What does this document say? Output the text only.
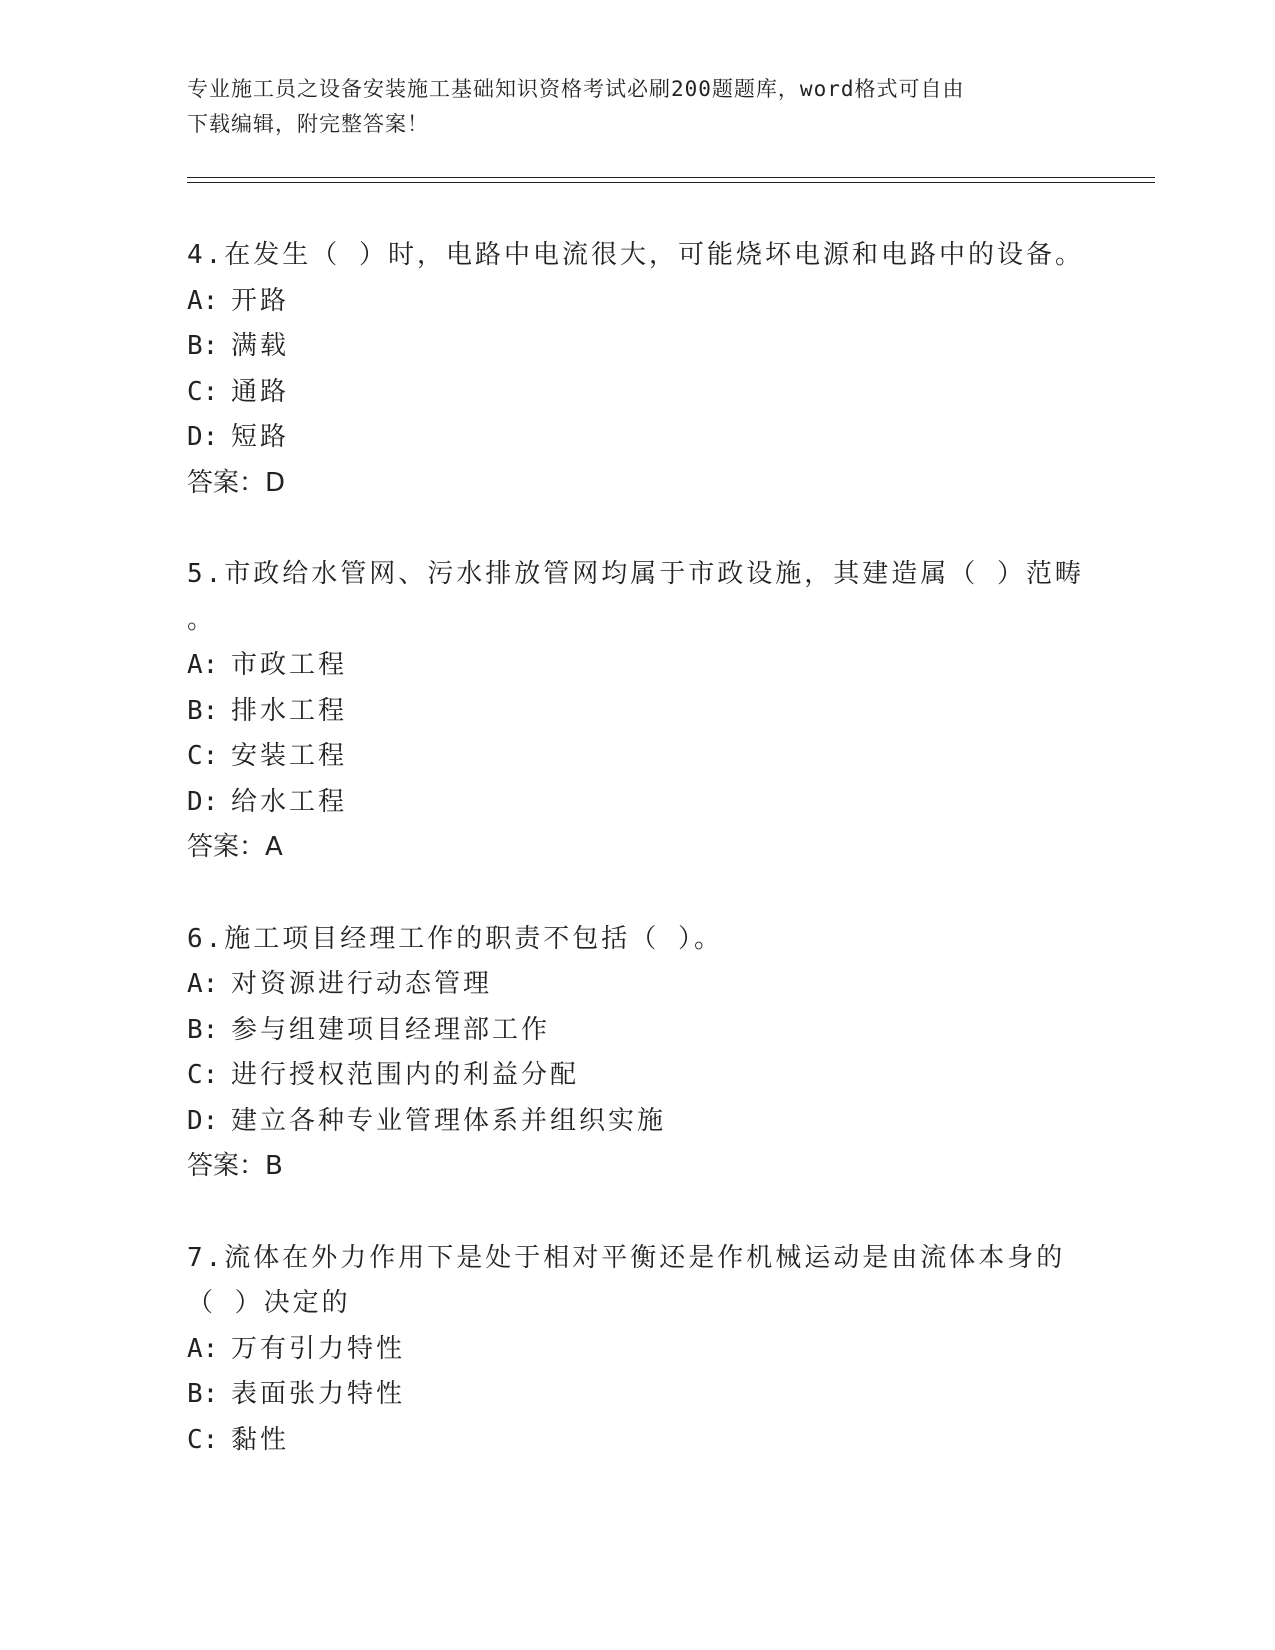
专业施工员之设备安装施工基础知识资格考试必刷200题题库，word格式可自由
下载编辑，附完整答案！
4.在发生（ ）时，电路中电流很大，可能烧坏电源和电路中的设备。
A: 开路
B: 满载
C: 通路
D: 短路
答案：D
5.市政给水管网、污水排放管网均属于市政设施，其建造属（ ）范畴
。
A: 市政工程
B: 排水工程
C: 安装工程
D: 给水工程
答案：A
6.施工项目经理工作的职责不包括（ ）。
A: 对资源进行动态管理
B: 参与组建项目经理部工作
C: 进行授权范围内的利益分配
D: 建立各种专业管理体系并组织实施
答案：B
7.流体在外力作用下是处于相对平衡还是作机械运动是由流体本身的
（ ）决定的
A: 万有引力特性
B: 表面张力特性
C: 黏性
